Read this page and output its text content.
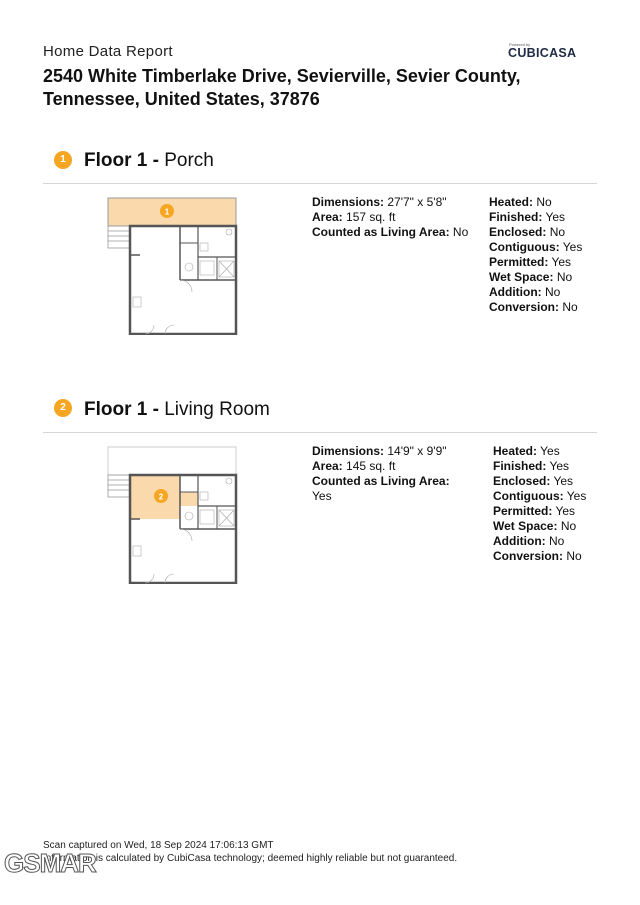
Home Data Report	Powered by
CUBICASA
2540 White Timberlake Drive, Sevierville, Sevier County, Tennessee, United States, 37876
1 Floor 1 - Porch
1
Dimensions: 27'7" x 5'8"
Area: 157 sq. ft
Counted as Living Area: No
Heated: No
Finished: Yes
Enclosed: No
Contiguous: Yes
Permitted: Yes
Wet Space: No
Addition: No
Conversion: No
2 Floor 1 - Living Room
2
Dimensions: 14'9" x 9'9"
Area: 145 sq. ft
Counted as Living Area: Yes
Heated: Yes
Finished: Yes
Enclosed: Yes
Contiguous: Yes
Permitted: Yes
Wet Space: No
Addition: No
Conversion: No
Scan captured on Wed, 18 Sep 2024 17:06:13 GMT
Information is calculated by CubiCasa technology; deemed highly reliable but not guaranteed.
GSMAR
